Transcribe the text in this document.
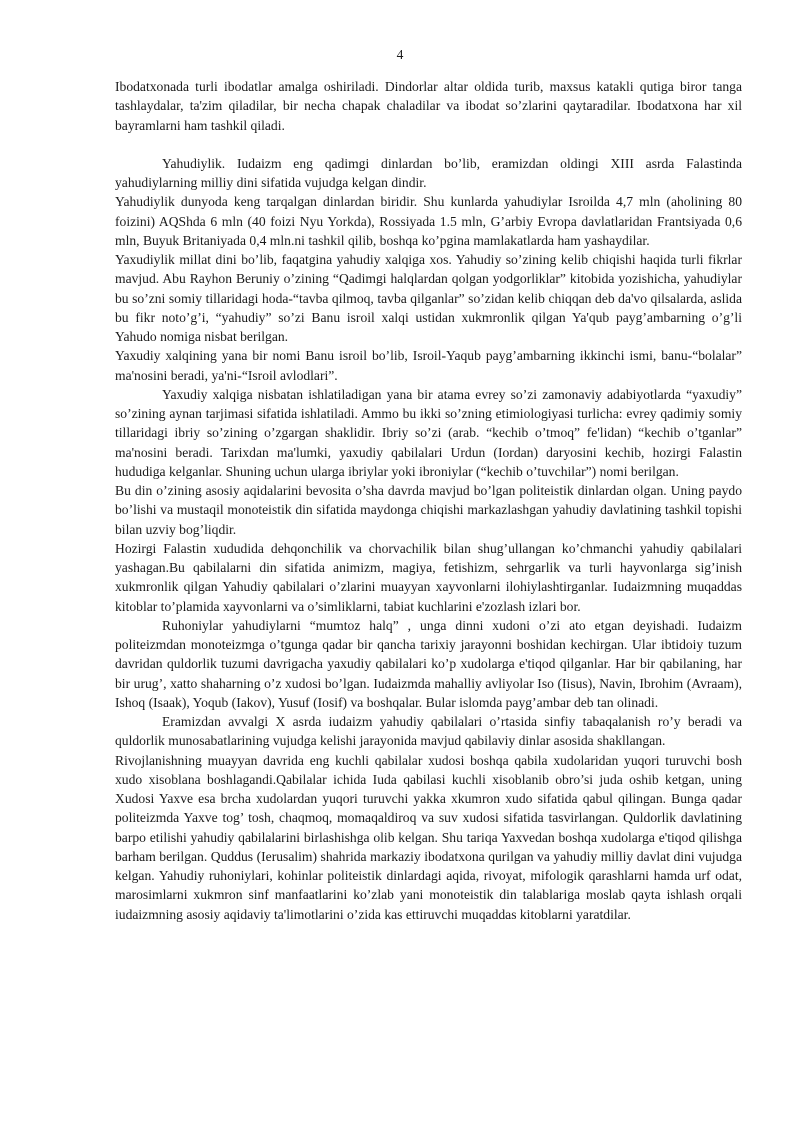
4

Ibodatxonada turli ibodatlar amalga oshiriladi. Dindorlar altar oldida turib, maxsus katakli qutiga biror tanga tashlaydalar, ta'zim qiladilar, bir necha chapak chaladilar va ibodat so’zlarini qaytaradilar. Ibodatxona har xil bayramlarni ham tashkil qiladi.

Yahudiylik. Iudaizm eng qadimgi dinlardan bo’lib, eramizdan oldingi XIII asrda Falastinda yahudiylarning milliy dini sifatida vujudga kelgan dindir.

Yahudiylik dunyoda keng tarqalgan dinlardan biridir. Shu kunlarda yahudiylar Isroilda 4,7 mln (aholining 80 foizini) AQShda 6 mln (40 foizi Nyu Yorkda), Rossiyada 1.5 mln, G’arbiy Evropa davlatlaridan Frantsiyada 0,6 mln, Buyuk Britaniyada 0,4 mln.ni tashkil qilib, boshqa ko’pgina mamlakatlarda ham yashaydilar.

Yaxudiylik millat dini bo’lib, faqatgina yahudiy xalqiga xos. Yahudiy so’zining kelib chiqishi haqida turli fikrlar mavjud. Abu Rayhon Beruniy o’zining “Qadimgi halqlardan qolgan yodgorliklar” kitobida yozishicha, yahudiylar bu so’zni somiy tillaridagi hoda-“tavba qilmoq, tavba qilganlar” so’zidan kelib chiqqan deb da'vo qilsalarda, aslida bu fikr noto’g’i, “yahudiy” so’zi Banu isroil xalqi ustidan xukmronlik qilgan Ya'qub payg’ambarning o’g’li Yahudo nomiga nisbat berilgan.

Yaxudiy xalqining yana bir nomi Banu isroil bo’lib, Isroil-Yaqub payg’ambarning ikkinchi ismi, banu-“bolalar” ma'nosini beradi, ya'ni-“Isroil avlodlari”.

Yaxudiy xalqiga nisbatan ishlatiladigan yana bir atama evrey so’zi zamonaviy adabiyotlarda “yaxudiy” so’zining aynan tarjimasi sifatida ishlatiladi. Ammo bu ikki so’zning etimiologiyasi turlicha: evrey qadimiy somiy tillaridagi ibriy so’zining o’zgargan shaklidir. Ibriy so’zi (arab. “kechib o’tmoq” fe'lidan) “kechib o’tganlar” ma'nosini beradi. Tarixdan ma'lumki, yaxudiy qabilalari Urdun (Iordan) daryosini kechib, hozirgi Falastin hududiga kelganlar. Shuning uchun ularga ibriylar yoki ibroniylar (“kechib o’tuvchilar”) nomi berilgan.

Bu din o’zining asosiy aqidalarini bevosita o’sha davrda mavjud bo’lgan politeistik dinlardan olgan. Uning paydo bo’lishi va mustaqil monoteistik din sifatida maydonga chiqishi markazlashgan yahudiy davlatining tashkil topishi bilan uzviy bog’liqdir.

Hozirgi Falastin xududida dehqonchilik va chorvachilik bilan shug’ullangan ko’chmanchi yahudiy qabilalari yashagan.Bu qabilalarni din sifatida animizm, magiya, fetishizm, sehrgarlik va turli hayvonlarga sig’inish xukmronlik qilgan Yahudiy qabilalari o’zlarini muayyan xayvonlarni ilohiylashtirganlar. Iudaizmning muqaddas kitoblar to’plamida xayvonlarni va o’simliklarni, tabiat kuchlarini e'zozlash izlari bor.

Ruhoniylar yahudiylarni “mumtoz halq” , unga dinni xudoni o’zi ato etgan deyishadi. Iudaizm politeizmdan monoteizmga o’tgunga qadar bir qancha tarixiy jarayonni boshidan kechirgan. Ular ibtidoiy tuzum davridan quldorlik tuzumi davrigacha yaxudiy qabilalari ko’p xudolarga e'tiqod qilganlar. Har bir qabilaning, har bir urug’, xatto shaharning o’z xudosi bo’lgan. Iudaizmda mahalliy avliyolar Iso (Iisus), Navin, Ibrohim (Avraam), Ishoq (Isaak), Yoqub (Iakov), Yusuf (Iosif) va boshqalar. Bular islomda payg’ambar deb tan olinadi.

Eramizdan avvalgi X asrda iudaizm yahudiy qabilalari o’rtasida sinfiy tabaqalanish ro’y beradi va quldorlik munosabatlarining vujudga kelishi jarayonida mavjud qabilaviy dinlar asosida shakllangan.

Rivojlanishning muayyan davrida eng kuchli qabilalar xudosi boshqa qabila xudolaridan yuqori turuvchi bosh xudo xisoblana boshlagandi.Qabilalar ichida Iuda qabilasi kuchli xisoblanib obro’si juda oshib ketgan, uning Xudosi Yaxve esa brcha xudolardan yuqori turuvchi yakka xkumron xudo sifatida qabul qilingan. Bunga qadar politeizmda Yaxve tog’ tosh, chaqmoq, momaqaldiroq va suv xudosi sifatida tasvirlangan. Quldorlik davlatining barpo etilishi yahudiy qabilalarini birlashishga olib kelgan. Shu tariqa Yaxvedan boshqa xudolarga e'tiqod qilishga barham berilgan. Quddus (Ierusalim) shahrida markaziy ibodatxona qurilgan va yahudiy milliy davlat dini vujudga kelgan. Yahudiy ruhoniylari, kohinlar politeistik dinlardagi aqida, rivoyat, mifologik qarashlarni hamda urf odat, marosimlarni xukmron sinf manfaatlarini ko’zlab yani monoteistik din talablariga moslab qayta ishlash orqali iudaizmning asosiy aqidaviy ta'limotlarini o’zida kas ettiruvchi muqaddas kitoblarni yaratdilar.
